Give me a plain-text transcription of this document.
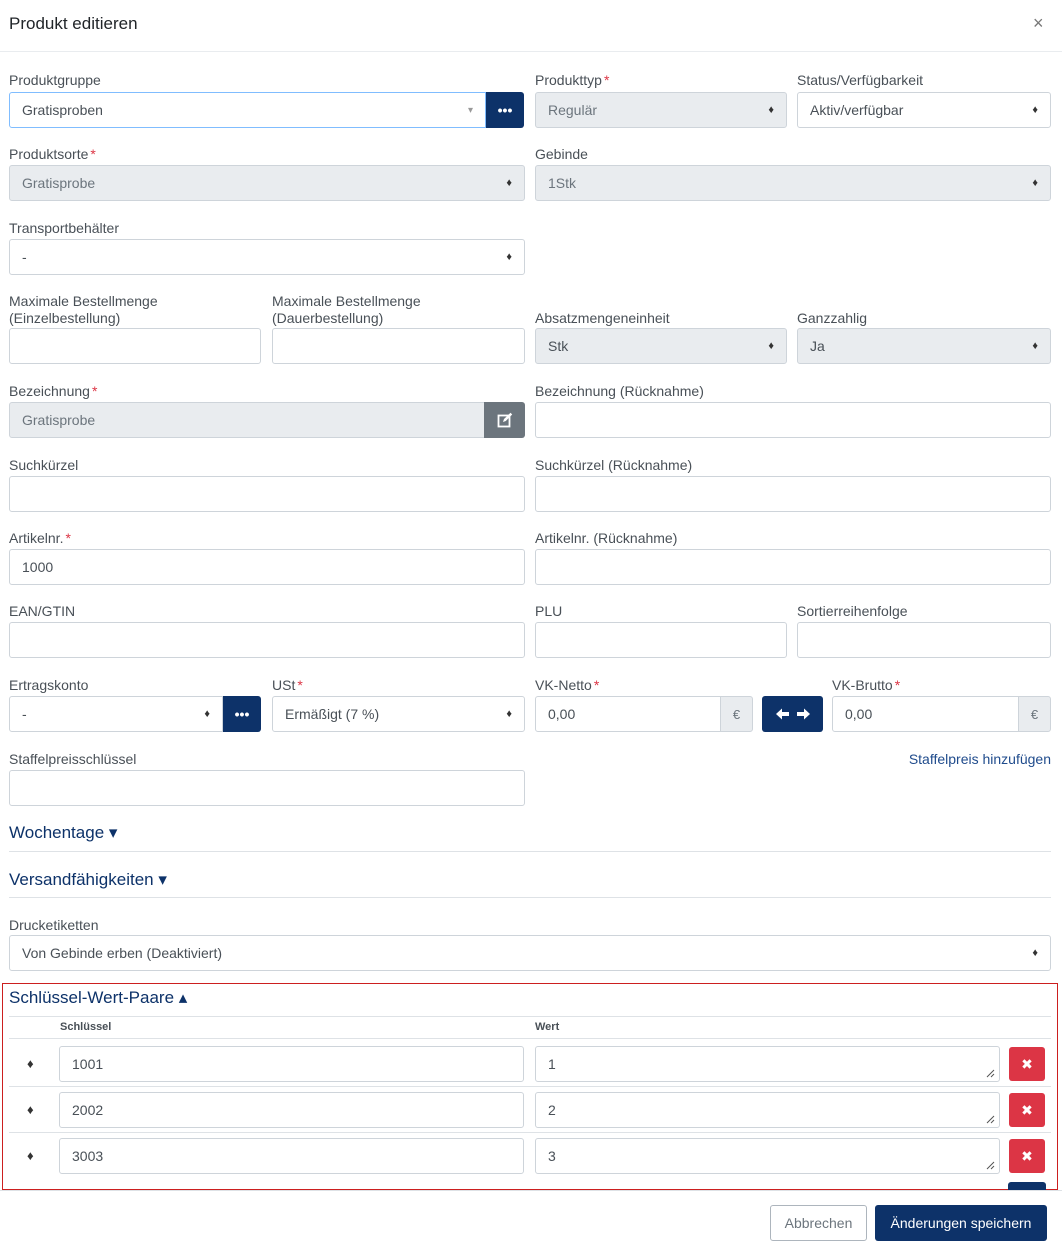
Produkt editieren	×
Produktgruppe
Gratisproben	▾	•••
Produkttyp *
Regulär	♦
Status/Verfügbarkeit
Aktiv/verfügbar	♦
Produktsorte *
Gratisprobe	♦
Gebinde
1Stk	♦
Transportbehälter
-	♦
Maximale Bestellmenge
(Einzelbestellung)
Maximale Bestellmenge
(Dauerbestellung)	Absatzmengeneinheit
Stk	♦
Ganzzahlig
Ja	♦
Bezeichnung *
Gratisprobe
Bezeichnung (Rücknahme)
Suchkürzel	Suchkürzel (Rücknahme)
Artikelnr. *
1000
Artikelnr. (Rücknahme)
EAN/GTIN	PLU	Sortierreihenfolge
Ertragskonto
-	♦	•••
USt *
Ermäßigt (7 %)	♦
VK-Netto *
0,00	€
VK-Brutto *
0,00	€
Staffelpreisschlüssel	Staffelpreis hinzufügen
Wochentage ▾
Versandfähigkeiten ▾
Drucketiketten
Von Gebinde erben (Deaktiviert)	♦
Schlüssel-Wert-Paare ▴
Schlüssel	Wert
♦	1001	1	✖
♦	2002	2	✖
♦	3003	3	✖
Abbrechen	Änderungen speichern
